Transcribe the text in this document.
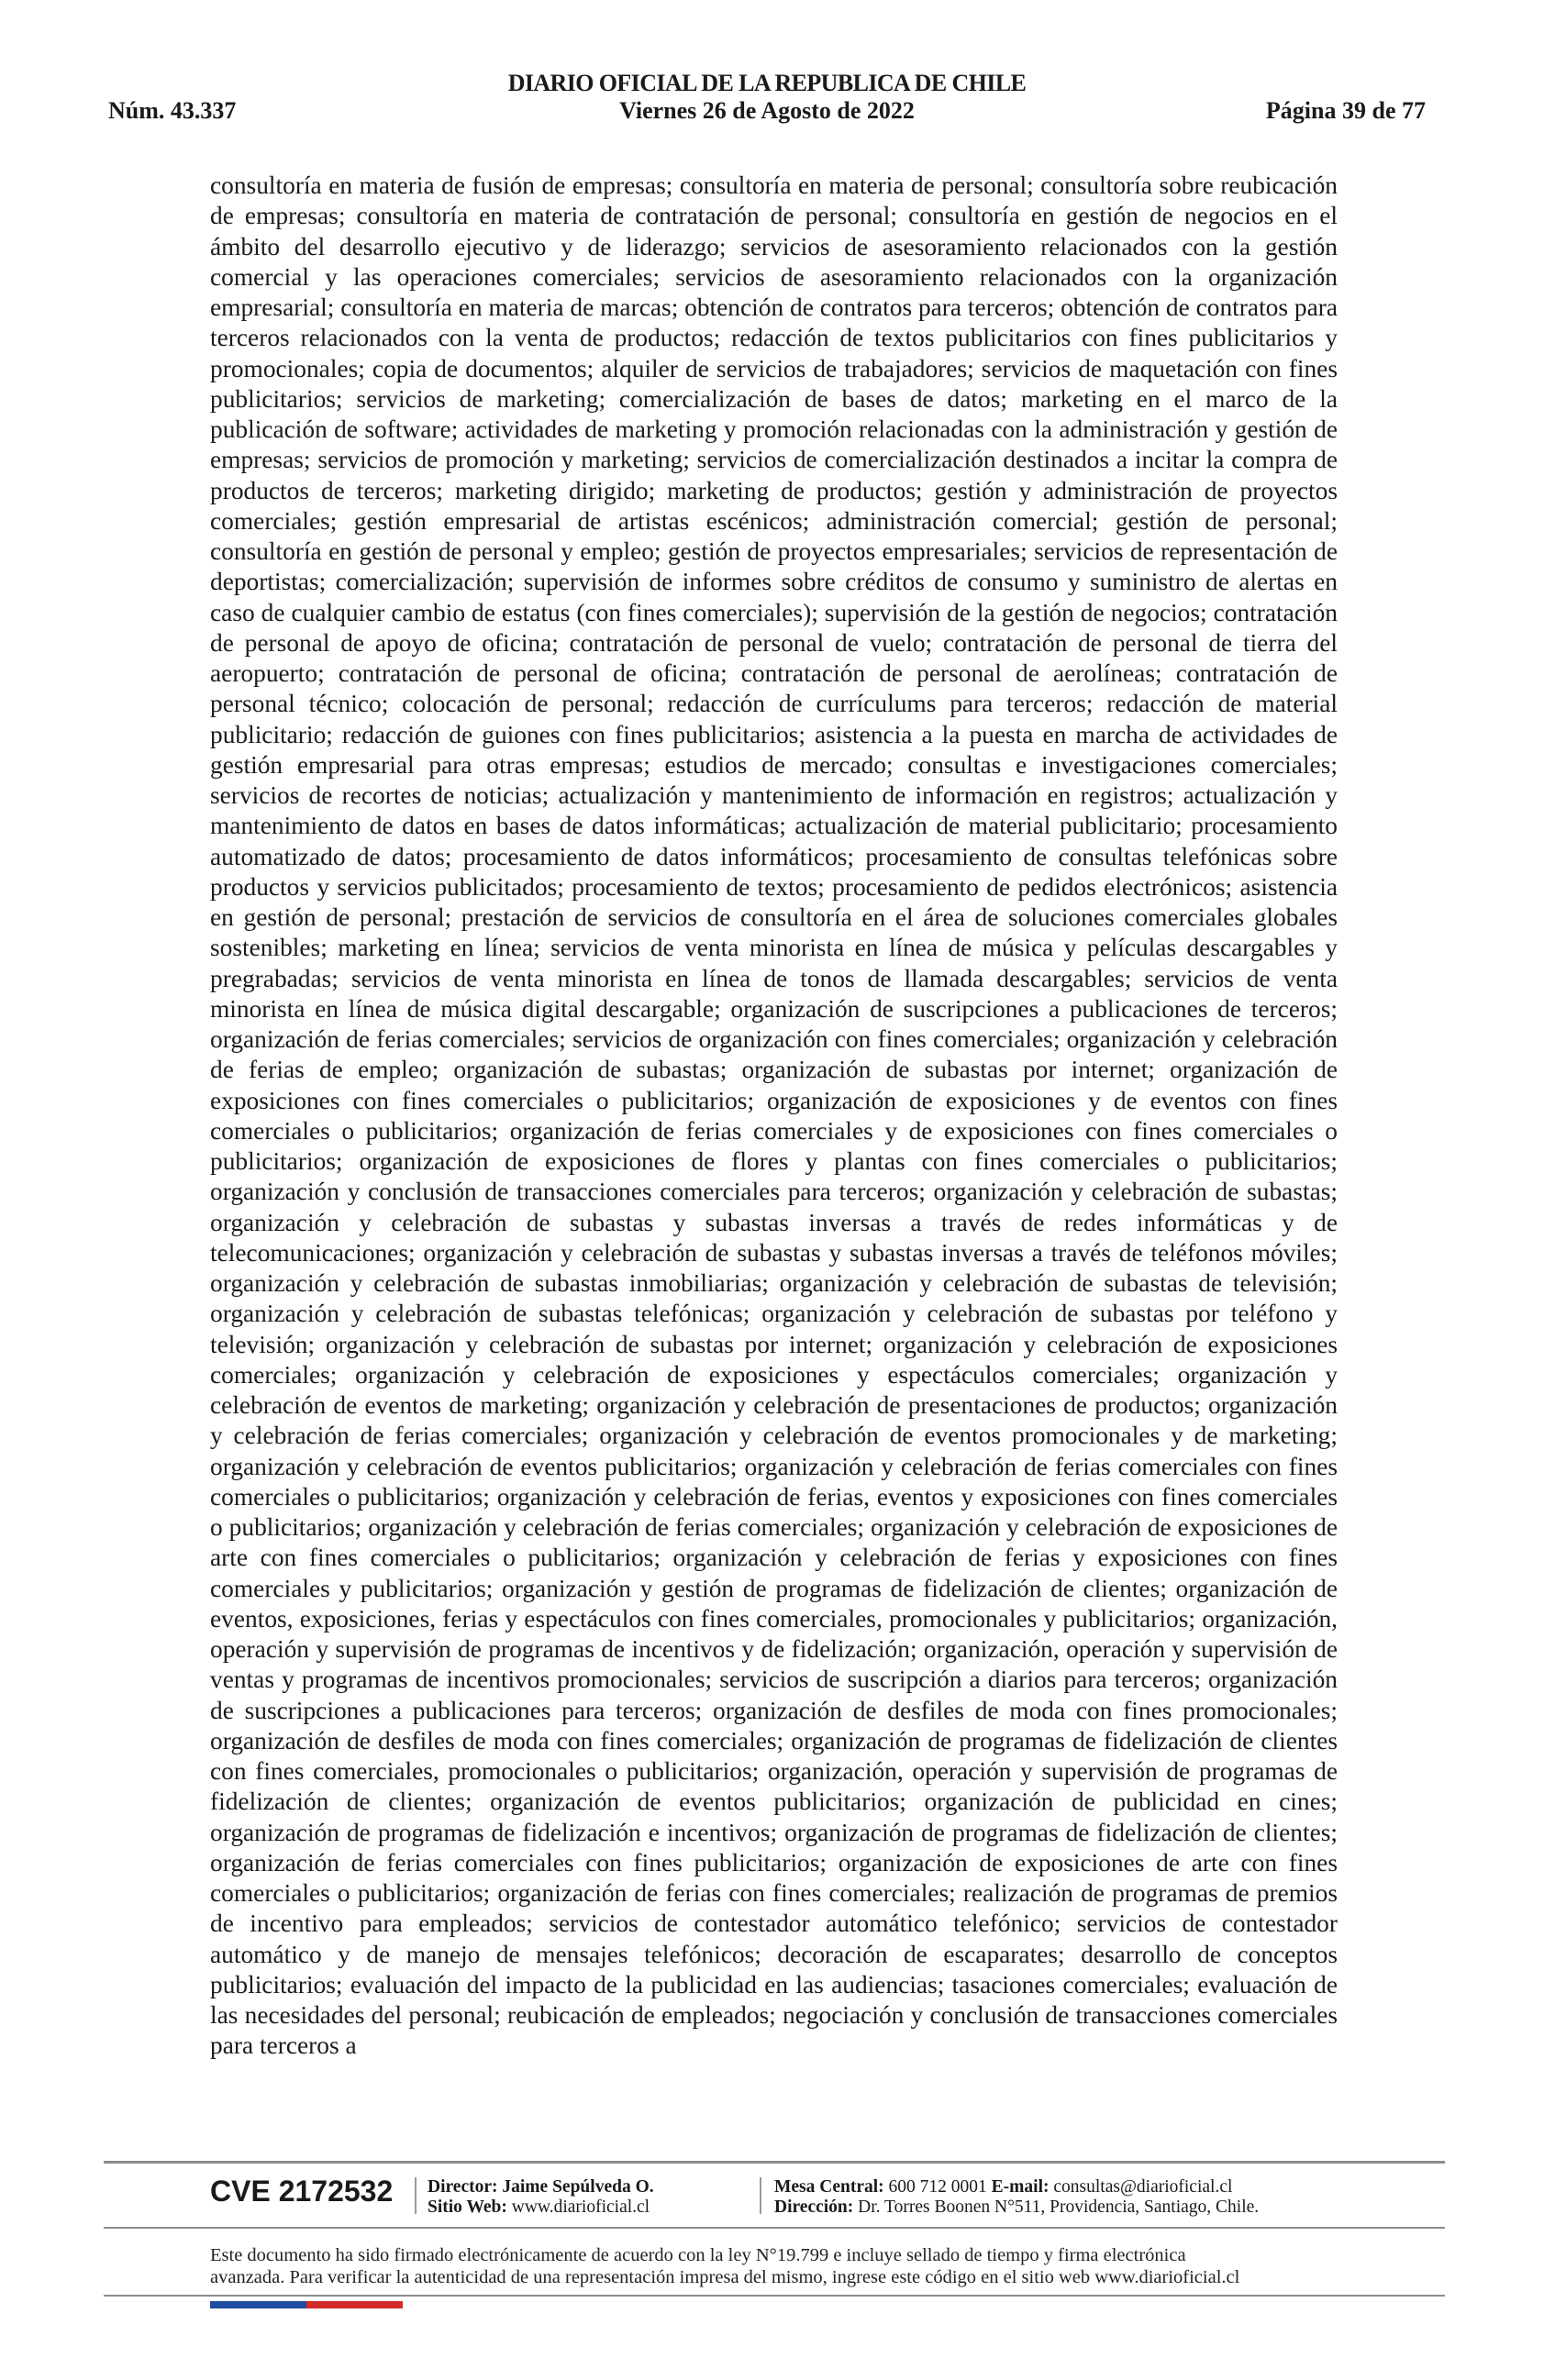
DIARIO OFICIAL DE LA REPUBLICA DE CHILE
Núm. 43.337	Viernes 26 de Agosto de 2022	Página 39 de 77

consultoría en materia de fusión de empresas; consultoría en materia de personal; consultoría sobre reubicación de empresas; consultoría en materia de contratación de personal; consultoría en gestión de negocios en el ámbito del desarrollo ejecutivo y de liderazgo; servicios de asesoramiento relacionados con la gestión comercial y las operaciones comerciales; servicios de asesoramiento relacionados con la organización empresarial; consultoría en materia de marcas; obtención de contratos para terceros; obtención de contratos para terceros relacionados con la venta de productos; redacción de textos publicitarios con fines publicitarios y promocionales; copia de documentos; alquiler de servicios de trabajadores; servicios de maquetación con fines publicitarios; servicios de marketing; comercialización de bases de datos; marketing en el marco de la publicación de software; actividades de marketing y promoción relacionadas con la administración y gestión de empresas; servicios de promoción y marketing; servicios de comercialización destinados a incitar la compra de productos de terceros; marketing dirigido; marketing de productos; gestión y administración de proyectos comerciales; gestión empresarial de artistas escénicos; administración comercial; gestión de personal; consultoría en gestión de personal y empleo; gestión de proyectos empresariales; servicios de representación de deportistas; comercialización; supervisión de informes sobre créditos de consumo y suministro de alertas en caso de cualquier cambio de estatus (con fines comerciales); supervisión de la gestión de negocios; contratación de personal de apoyo de oficina; contratación de personal de vuelo; contratación de personal de tierra del aeropuerto; contratación de personal de oficina; contratación de personal de aerolíneas; contratación de personal técnico; colocación de personal; redacción de currículums para terceros; redacción de material publicitario; redacción de guiones con fines publicitarios; asistencia a la puesta en marcha de actividades de gestión empresarial para otras empresas; estudios de mercado; consultas e investigaciones comerciales; servicios de recortes de noticias; actualización y mantenimiento de información en registros; actualización y mantenimiento de datos en bases de datos informáticas; actualización de material publicitario; procesamiento automatizado de datos; procesamiento de datos informáticos; procesamiento de consultas telefónicas sobre productos y servicios publicitados; procesamiento de textos; procesamiento de pedidos electrónicos; asistencia en gestión de personal; prestación de servicios de consultoría en el área de soluciones comerciales globales sostenibles; marketing en línea; servicios de venta minorista en línea de música y películas descargables y pregrabadas; servicios de venta minorista en línea de tonos de llamada descargables; servicios de venta minorista en línea de música digital descargable; organización de suscripciones a publicaciones de terceros; organización de ferias comerciales; servicios de organización con fines comerciales; organización y celebración de ferias de empleo; organización de subastas; organización de subastas por internet; organización de exposiciones con fines comerciales o publicitarios; organización de exposiciones y de eventos con fines comerciales o publicitarios; organización de ferias comerciales y de exposiciones con fines comerciales o publicitarios; organización de exposiciones de flores y plantas con fines comerciales o publicitarios; organización y conclusión de transacciones comerciales para terceros; organización y celebración de subastas; organización y celebración de subastas y subastas inversas a través de redes informáticas y de telecomunicaciones; organización y celebración de subastas y subastas inversas a través de teléfonos móviles; organización y celebración de subastas inmobiliarias; organización y celebración de subastas de televisión; organización y celebración de subastas telefónicas; organización y celebración de subastas por teléfono y televisión; organización y celebración de subastas por internet; organización y celebración de exposiciones comerciales; organización y celebración de exposiciones y espectáculos comerciales; organización y celebración de eventos de marketing; organización y celebración de presentaciones de productos; organización y celebración de ferias comerciales; organización y celebración de eventos promocionales y de marketing; organización y celebración de eventos publicitarios; organización y celebración de ferias comerciales con fines comerciales o publicitarios; organización y celebración de ferias, eventos y exposiciones con fines comerciales o publicitarios; organización y celebración de ferias comerciales; organización y celebración de exposiciones de arte con fines comerciales o publicitarios; organización y celebración de ferias y exposiciones con fines comerciales y publicitarios; organización y gestión de programas de fidelización de clientes; organización de eventos, exposiciones, ferias y espectáculos con fines comerciales, promocionales y publicitarios; organización, operación y supervisión de programas de incentivos y de fidelización; organización, operación y supervisión de ventas y programas de incentivos promocionales; servicios de suscripción a diarios para terceros; organización de suscripciones a publicaciones para terceros; organización de desfiles de moda con fines promocionales; organización de desfiles de moda con fines comerciales; organización de programas de fidelización de clientes con fines comerciales, promocionales o publicitarios; organización, operación y supervisión de programas de fidelización de clientes; organización de eventos publicitarios; organización de publicidad en cines; organización de programas de fidelización e incentivos; organización de programas de fidelización de clientes; organización de ferias comerciales con fines publicitarios; organización de exposiciones de arte con fines comerciales o publicitarios; organización de ferias con fines comerciales; realización de programas de premios de incentivo para empleados; servicios de contestador automático telefónico; servicios de contestador automático y de manejo de mensajes telefónicos; decoración de escaparates; desarrollo de conceptos publicitarios; evaluación del impacto de la publicidad en las audiencias; tasaciones comerciales; evaluación de las necesidades del personal; reubicación de empleados; negociación y conclusión de transacciones comerciales para terceros a

CVE 2172532 Director: Jaime Sepúlveda O.
Sitio Web: www.diarioficial.cl
Mesa Central: 600 712 0001 E-mail: consultas@diarioficial.cl
Dirección: Dr. Torres Boonen N°511, Providencia, Santiago, Chile.

Este documento ha sido firmado electrónicamente de acuerdo con la ley N°19.799 e incluye sellado de tiempo y firma electrónica

avanzada. Para verificar la autenticidad de una representación impresa del mismo, ingrese este código en el sitio web www.diarioficial.cl
